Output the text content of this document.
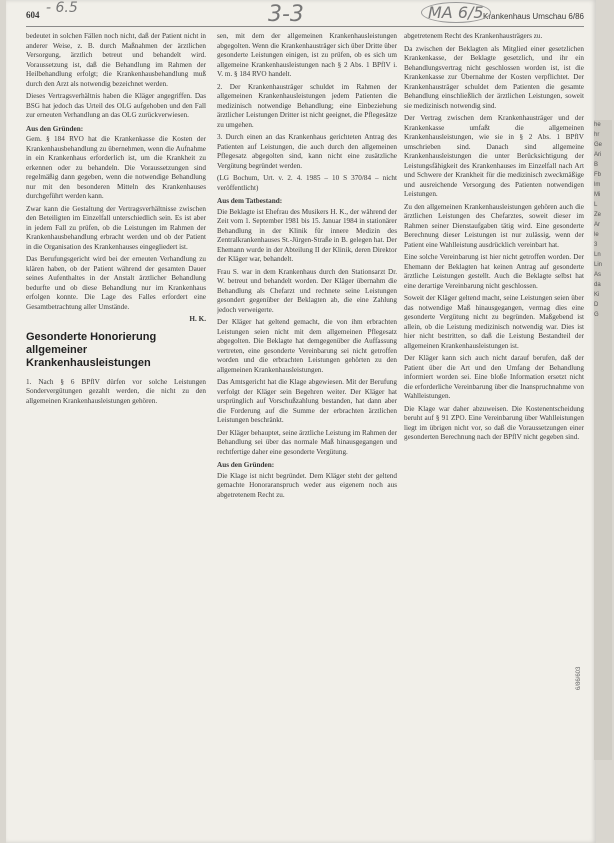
604	Krankenhaus Umschau 6/86
- 6.5	3-3	MA 6/5

bedeutet in solchen Fällen noch nicht, daß der Patient nicht in anderer Weise, z. B. durch Maßnahmen der ärztlichen Versorgung, ärztlich betreut und behandelt wird. Voraussetzung ist, daß die Behandlung im Rahmen der Heilbehandlung erfolgt; die Krankenhausbehandlung muß durch den Arzt als notwendig bezeichnet werden.

Dieses Vertragsverhältnis haben die Kläger angegriffen. Das BSG hat jedoch das Urteil des OLG aufgehoben und den Fall zur erneuten Verhandlung an das OLG zurückverwiesen.

Aus den Gründen:

Gem. § 184 RVO hat die Krankenkasse die Kosten der Krankenhausbehandlung zu übernehmen, wenn die Aufnahme in ein Krankenhaus erforderlich ist, um die Krankheit zu erkennen oder zu behandeln. Die Voraussetzungen sind regelmäßig dann gegeben, wenn die notwendige Behandlung nur mit den besonderen Mitteln des Krankenhauses durchgeführt werden kann.

Zwar kann die Gestaltung der Vertragsverhältnisse zwischen den Beteiligten im Einzelfall unterschiedlich sein. Es ist aber in jedem Fall zu prüfen, ob die Leistungen im Rahmen der Krankenhausbehandlung erbracht werden und ob der Patient in die Organisation des Krankenhauses eingegliedert ist.

Das Berufungsgericht wird bei der erneuten Verhandlung zu klären haben, ob der Patient während der gesamten Dauer seines Aufenthaltes in der Anstalt ärztlicher Behandlung bedurfte und ob diese Behandlung nur im Krankenhaus erfolgen konnte. Die Lage des Falles erfordert eine Gesamtbetrachtung aller Umstände.

H. K.

Gesonderte Honorierung allgemeiner Krankenhausleistungen

1. Nach § 6 BPflV dürfen vor solche Leistungen Sondervergütungen gezahlt werden, die nicht zu den allgemeinen Krankenhausleistungen gehören.

sen, mit dem der allgemeinen Krankenhausleistungen abgegolten. Wenn die Krankenhausträger sich über Dritte über gesonderte Leistungen einigen, ist zu prüfen, ob es sich um allgemeine Krankenhausleistungen nach § 2 Abs. 1 BPflV i. V. m. § 184 RVO handelt.

2. Der Krankenhausträger schuldet im Rahmen der allgemeinen Krankenhausleistungen jedem Patienten die medizinisch notwendige Behandlung; eine Einbeziehung ärztlicher Leistungen Dritter ist nicht geeignet, die Pflegesätze zu umgehen.

3. Durch einen an das Krankenhaus gerichteten Antrag des Patienten auf Leistungen, die auch durch den allgemeinen Pflegesatz abgegolten sind, kann nicht eine zusätzliche Vergütung begründet werden.

(LG Bochum, Urt. v. 2. 4. 1985 – 10 S 370/84 – nicht veröffentlicht)

Aus dem Tatbestand:

Die Beklagte ist Ehefrau des Musikers H. K., der während der Zeit vom 1. September 1981 bis 15. Januar 1984 in stationärer Behandlung in der Klinik für innere Medizin des Zentralkrankenhauses St.-Jürgen-Straße in B. gelegen hat. Der Ehemann wurde in der Abteilung II der Klinik, deren Direktor der Kläger war, behandelt.

Frau S. war in dem Krankenhaus durch den Stationsarzt Dr. W. betreut und behandelt worden. Der Kläger übernahm die Behandlung als Chefarzt und rechnete seine Leistungen gesondert gegenüber der Beklagten ab, die eine Zahlung jedoch verweigerte.

Der Kläger hat geltend gemacht, die von ihm erbrachten Leistungen seien nicht mit dem allgemeinen Pflegesatz abgegolten. Die Beklagte hat demgegenüber die Auffassung vertreten, eine gesonderte Vereinbarung sei nicht getroffen worden und die erbrachten Leistungen gehörten zu den allgemeinen Krankenhausleistungen.

Das Amtsgericht hat die Klage abgewiesen. Mit der Berufung verfolgt der Kläger sein Begehren weiter. Der Kläger hat ursprünglich auf Vorschußzahlung bestanden, hat dann aber die Forderung auf die Summe der erbrachten ärztlichen Leistungen beschränkt.

Der Kläger behauptet, seine ärztliche Leistung im Rahmen der Behandlung sei über das normale Maß hinausgegangen und rechtfertige daher eine gesonderte Vergütung.

Aus den Gründen:

Die Klage ist nicht begründet. Dem Kläger steht der geltend gemachte Honoraranspruch weder aus eigenem noch aus abgetretenem Recht zu.

abgetretenem Recht des Krankenhausträgers zu.

Da zwischen der Beklagten als Mitglied einer gesetzlichen Krankenkasse, der Beklagte gesetzlich, und ihr ein Behandlungsvertrag nicht geschlossen worden ist, ist die Krankenkasse zur Übernahme der Kosten verpflichtet. Der Krankenhausträger schuldet dem Patienten die gesamte Behandlung einschließlich der ärztlichen Leistungen, soweit sie medizinisch notwendig sind.

Der Vertrag zwischen dem Krankenhausträger und der Krankenkasse umfaßt die allgemeinen Krankenhausleistungen, wie sie in § 2 Abs. 1 BPflV umschrieben sind. Danach sind allgemeine Krankenhausleistungen die unter Berücksichtigung der Leistungsfähigkeit des Krankenhauses im Einzelfall nach Art und Schwere der Krankheit für die medizinisch zweckmäßige und ausreichende Versorgung des Patienten notwendigen Leistungen.

Zu den allgemeinen Krankenhausleistungen gehören auch die ärztlichen Leistungen des Chefarztes, soweit dieser im Rahmen seiner Dienstaufgaben tätig wird. Eine gesonderte Berechnung dieser Leistungen ist nur zulässig, wenn der Patient eine Wahlleistung ausdrücklich vereinbart hat.

Eine solche Vereinbarung ist hier nicht getroffen worden. Der Ehemann der Beklagten hat keinen Antrag auf gesonderte ärztliche Leistungen gestellt. Auch die Beklagte selbst hat eine derartige Vereinbarung nicht geschlossen.

Soweit der Kläger geltend macht, seine Leistungen seien über das notwendige Maß hinausgegangen, vermag dies eine gesonderte Vergütung nicht zu begründen. Maßgebend ist allein, ob die Leistung medizinisch notwendig war. Dies ist hier nicht bestritten, so daß die Leistung Bestandteil der allgemeinen Krankenhausleistungen ist.

Der Kläger kann sich auch nicht darauf berufen, daß der Patient über die Art und den Umfang der Behandlung informiert worden sei. Eine bloße Information ersetzt nicht die erforderliche Vereinbarung über die Inanspruchnahme von Wahlleistungen.

Die Klage war daher abzuweisen. Die Kostenentscheidung beruht auf § 91 ZPO. Eine Vereinbarung über Wahlleistungen liegt im übrigen nicht vor, so daß die Voraussetzungen einer gesonderten Berechnung nach der BPflV nicht gegeben sind.

6/86/603
he
hr
Ge
Ari
B
Fb
lm
Mi
L
Ze
Ar
le
3
Ln
Lin
As
da
Ki
D
G
